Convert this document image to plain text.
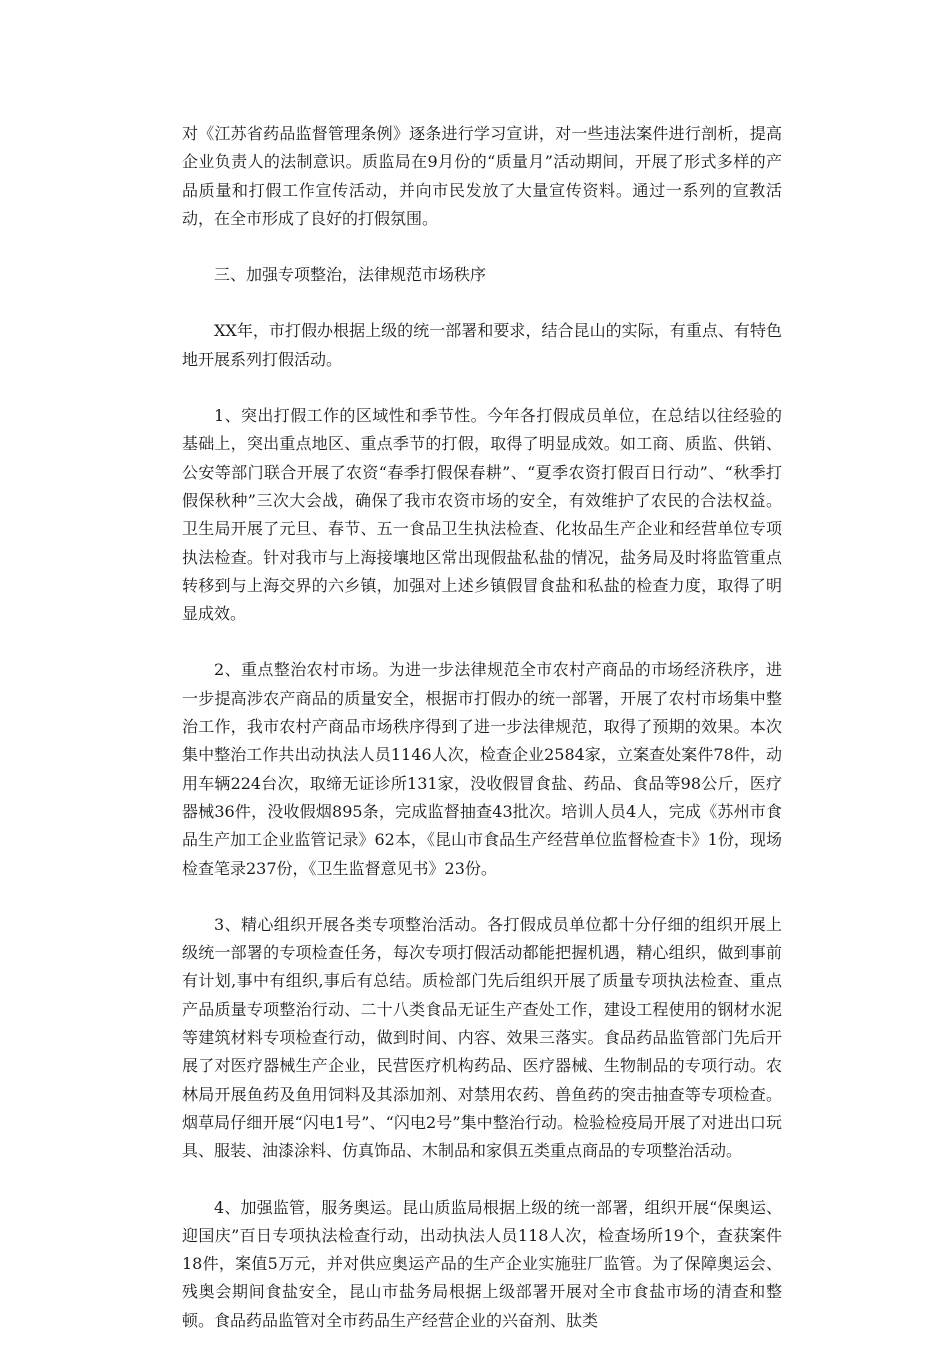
对《江苏省药品监督管理条例》逐条进行学习宣讲，对一些违法案件进行剖析，提高企业负责人的法制意识。质监局在9月份的“质量月”活动期间，开展了形式多样的产品质量和打假工作宣传活动，并向市民发放了大量宣传资料。通过一系列的宣教活动，在全市形成了良好的打假氛围。

三、加强专项整治，法律规范市场秩序

XX年，市打假办根据上级的统一部署和要求，结合昆山的实际，有重点、有特色地开展系列打假活动。

1、突出打假工作的区域性和季节性。今年各打假成员单位，在总结以往经验的基础上，突出重点地区、重点季节的打假，取得了明显成效。如工商、质监、供销、公安等部门联合开展了农资“春季打假保春耕”、“夏季农资打假百日行动”、“秋季打假保秋种”三次大会战，确保了我市农资市场的安全，有效维护了农民的合法权益。卫生局开展了元旦、春节、五一食品卫生执法检查、化妆品生产企业和经营单位专项执法检查。针对我市与上海接壤地区常出现假盐私盐的情况，盐务局及时将监管重点转移到与上海交界的六乡镇，加强对上述乡镇假冒食盐和私盐的检查力度，取得了明显成效。

2、重点整治农村市场。为进一步法律规范全市农村产商品的市场经济秩序，进一步提高涉农产商品的质量安全，根据市打假办的统一部署，开展了农村市场集中整治工作，我市农村产商品市场秩序得到了进一步法律规范，取得了预期的效果。本次集中整治工作共出动执法人员1146人次，检查企业2584家，立案查处案件78件，动用车辆224台次，取缔无证诊所131家，没收假冒食盐、药品、食品等98公斤，医疗器械36件，没收假烟895条，完成监督抽查43批次。培训人员4人，完成《苏州市食品生产加工企业监管记录》62本，《昆山市食品生产经营单位监督检查卡》1份，现场检查笔录237份，《卫生监督意见书》23份。

3、精心组织开展各类专项整治活动。各打假成员单位都十分仔细的组织开展上级统一部署的专项检查任务，每次专项打假活动都能把握机遇，精心组织，做到事前有计划,事中有组织,事后有总结。质检部门先后组织开展了质量专项执法检查、重点产品质量专项整治行动、二十八类食品无证生产查处工作，建设工程使用的钢材水泥等建筑材料专项检查行动，做到时间、内容、效果三落实。食品药品监管部门先后开展了对医疗器械生产企业，民营医疗机构药品、医疗器械、生物制品的专项行动。农林局开展鱼药及鱼用饲料及其添加剂、对禁用农药、兽鱼药的突击抽查等专项检查。烟草局仔细开展“闪电1号”、“闪电2号”集中整治行动。检验检疫局开展了对进出口玩具、服装、油漆涂料、仿真饰品、木制品和家俱五类重点商品的专项整治活动。

4、加强监管，服务奥运。昆山质监局根据上级的统一部署，组织开展“保奥运、迎国庆”百日专项执法检查行动，出动执法人员118人次，检查场所19个，查获案件18件，案值5万元，并对供应奥运产品的生产企业实施驻厂监管。为了保障奥运会、残奥会期间食盐安全，昆山市盐务局根据上级部署开展对全市食盐市场的清查和整顿。食品药品监管对全市药品生产经营企业的兴奋剂、肽类
